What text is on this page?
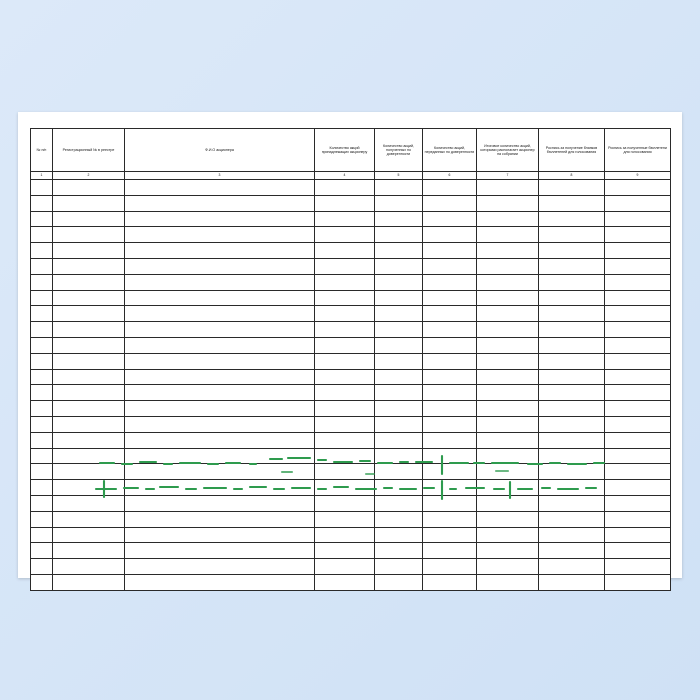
№ п/п	Регистрационный № в реестре	Ф.И.О акционера	Количество акций принадлежащих акционеру	Количество акций, полученных по доверенности	Количество акций, переданных по доверенности	Итоговое количество акций, которыми располагает акционер на собрании	Роспись за получение бланков бюллетеней для голосования	Роспись за полученные бюллетени для голосования
1	2	3	4	5	6	7	8	9
